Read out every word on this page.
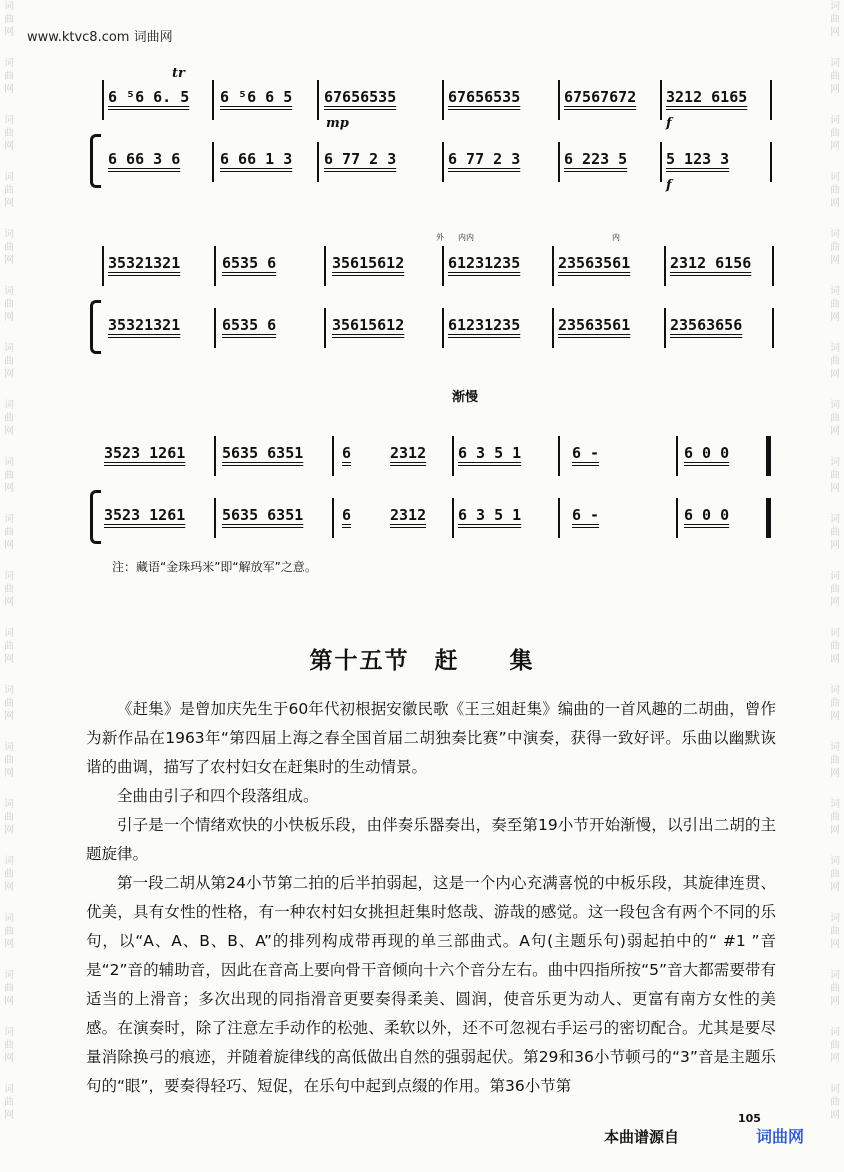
词
曲
网
词
曲
网
词
曲
网
词
曲
网
词
曲
网
词
曲
网
词
曲
网
词
曲
网
词
曲
网
词
曲
网
词
曲
网
词
曲
网
词
曲
网
词
曲
网
词
曲
网
词
曲
网
词
曲
网
词
曲
网
词
曲
网
词
曲
网
词
曲
网
词
曲
网
词
曲
网
词
曲
网
词
曲
网
词
曲
网
词
曲
网
词
曲
网
词
曲
网
词
曲
网
词
曲
网
词
曲
网
词
曲
网
词
曲
网
词
曲
网
词
曲
网
词
曲
网
词
曲
网
词
曲
网
词
曲
网
www.ktvc8.com 词曲网
6 ⁵6 6. 5 6 ⁵6 6 5 67656535	67656535	67567672 3212 6165
tr
mp	f
6 66 3 6	6 66 1 3 6 77 2 3	6 77 2 3	6 223 5	5 123 3
f
35321321	6535 6	35615612	61231235	23563561	2312 6156
外 内内	内
35321321	6535 6	35615612	61231235	23563561	23563656
渐慢
3523 1261 5635 6351	6	2312 6 3 5 1	6 -	6 0 0
3523 1261 5635 6351	6	2312 6 3 5 1	6 -	6 0 0
注：藏语“金珠玛米”即“解放军”之意。
第十五节　赶　　集

《赶集》是曾加庆先生于60年代初根据安徽民歌《王三姐赶集》编曲的一首风趣的二胡曲，曾作为新作品在1963年“第四届上海之春全国首届二胡独奏比赛”中演奏，获得一致好评。乐曲以幽默诙谐的曲调，描写了农村妇女在赶集时的生动情景。

全曲由引子和四个段落组成。

引子是一个情绪欢快的小快板乐段，由伴奏乐器奏出，奏至第19小节开始渐慢，以引出二胡的主题旋律。

第一段二胡从第24小节第二拍的后半拍弱起，这是一个内心充满喜悦的中板乐段，其旋律连贯、优美，具有女性的性格，有一种农村妇女挑担赶集时悠哉、游哉的感觉。这一段包含有两个不同的乐句，以“A、A、B、B、A”的排列构成带再现的单三部曲式。A句(主题乐句)弱起拍中的“ #1 ”音是“2”音的辅助音，因此在音高上要向骨干音倾向十六个音分左右。曲中四指所按“5”音大都需要带有适当的上滑音；多次出现的同指滑音更要奏得柔美、圆润，使音乐更为动人、更富有南方女性的美感。在演奏时，除了注意左手动作的松弛、柔软以外，还不可忽视右手运弓的密切配合。尤其是要尽量消除换弓的痕迹，并随着旋律线的高低做出自然的强弱起伏。第29和36小节顿弓的“3”音是主题乐句的“眼”，要奏得轻巧、短促，在乐句中起到点缀的作用。第36小节第

105
本曲谱源自	词曲网
